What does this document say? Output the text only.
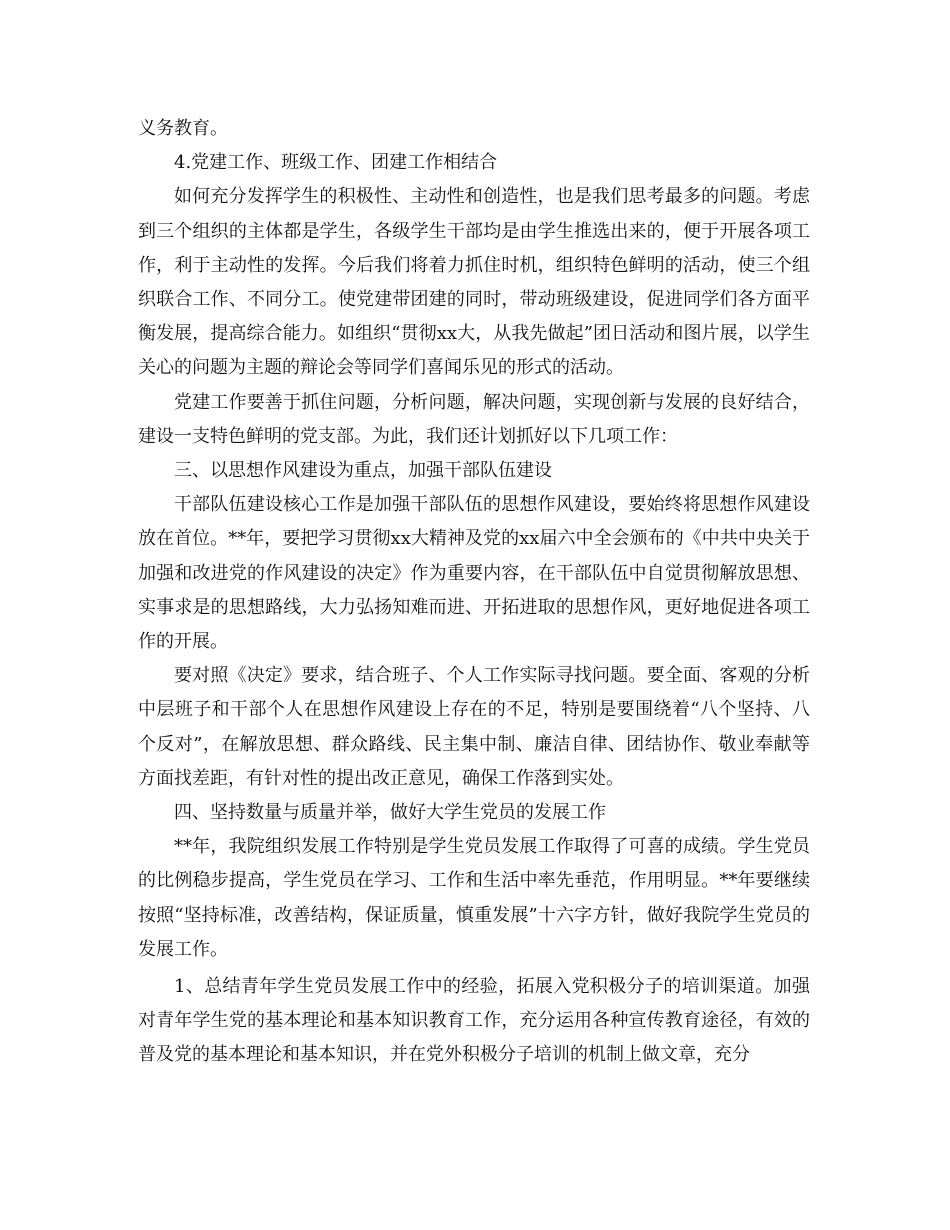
义务教育。

4.党建工作、班级工作、团建工作相结合

如何充分发挥学生的积极性、主动性和创造性，也是我们思考最多的问题。考虑到三个组织的主体都是学生，各级学生干部均是由学生推选出来的，便于开展各项工作，利于主动性的发挥。今后我们将着力抓住时机，组织特色鲜明的活动，使三个组织联合工作、不同分工。使党建带团建的同时，带动班级建设，促进同学们各方面平衡发展，提高综合能力。如组织“贯彻xx大，从我先做起”团日活动和图片展，以学生关心的问题为主题的辩论会等同学们喜闻乐见的形式的活动。

党建工作要善于抓住问题，分析问题，解决问题，实现创新与发展的良好结合，建设一支特色鲜明的党支部。为此，我们还计划抓好以下几项工作：

三、以思想作风建设为重点，加强干部队伍建设

干部队伍建设核心工作是加强干部队伍的思想作风建设，要始终将思想作风建设放在首位。**年，要把学习贯彻xx大精神及党的xx届六中全会颁布的《中共中央关于加强和改进党的作风建设的决定》作为重要内容，在干部队伍中自觉贯彻解放思想、实事求是的思想路线，大力弘扬知难而进、开拓进取的思想作风，更好地促进各项工作的开展。

要对照《决定》要求，结合班子、个人工作实际寻找问题。要全面、客观的分析中层班子和干部个人在思想作风建设上存在的不足，特别是要围绕着“八个坚持、八个反对”，在解放思想、群众路线、民主集中制、廉洁自律、团结协作、敬业奉献等方面找差距，有针对性的提出改正意见，确保工作落到实处。

四、坚持数量与质量并举，做好大学生党员的发展工作

**年，我院组织发展工作特别是学生党员发展工作取得了可喜的成绩。学生党员的比例稳步提高，学生党员在学习、工作和生活中率先垂范，作用明显。**年要继续按照“坚持标准，改善结构，保证质量，慎重发展”十六字方针，做好我院学生党员的发展工作。

1、总结青年学生党员发展工作中的经验，拓展入党积极分子的培训渠道。加强对青年学生党的基本理论和基本知识教育工作，充分运用各种宣传教育途径，有效的普及党的基本理论和基本知识，并在党外积极分子培训的机制上做文章，充分
